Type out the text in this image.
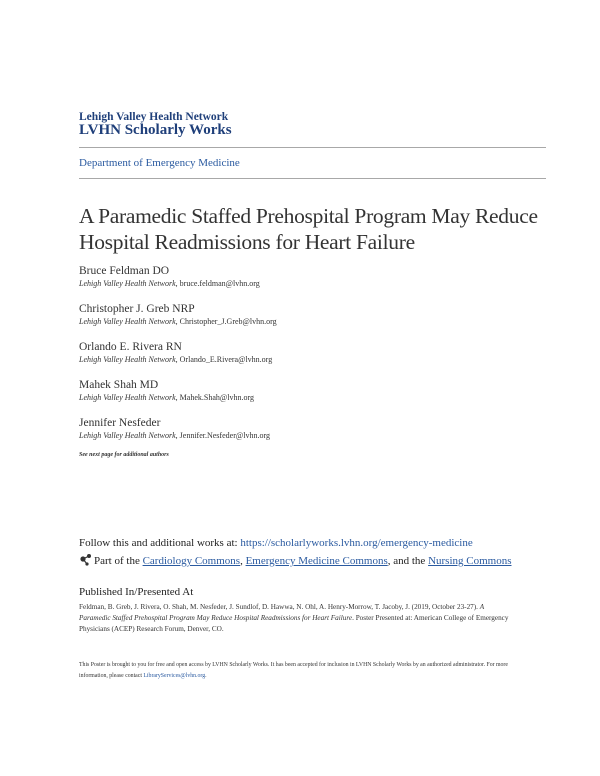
Lehigh Valley Health Network
LVHN Scholarly Works
Department of Emergency Medicine
A Paramedic Staffed Prehospital Program May Reduce Hospital Readmissions for Heart Failure
Bruce Feldman DO
Lehigh Valley Health Network, bruce.feldman@lvhn.org
Christopher J. Greb NRP
Lehigh Valley Health Network, Christopher_J.Greb@lvhn.org
Orlando E. Rivera RN
Lehigh Valley Health Network, Orlando_E.Rivera@lvhn.org
Mahek Shah MD
Lehigh Valley Health Network, Mahek.Shah@lvhn.org
Jennifer Nesfeder
Lehigh Valley Health Network, Jennifer.Nesfeder@lvhn.org
See next page for additional authors
Follow this and additional works at: https://scholarlyworks.lvhn.org/emergency-medicine
Part of the Cardiology Commons, Emergency Medicine Commons, and the Nursing Commons
Published In/Presented At
Feldman, B. Greb, J. Rivera, O. Shah, M. Nesfeder, J. Sundlof, D. Hawwa, N. Ohl, A. Henry-Morrow, T. Jacoby, J. (2019, October 23-27). A Paramedic Staffed Prehospital Program May Reduce Hospital Readmissions for Heart Failure. Poster Presented at: American College of Emergency Physicians (ACEP) Research Forum, Denver, CO.
This Poster is brought to you for free and open access by LVHN Scholarly Works. It has been accepted for inclusion in LVHN Scholarly Works by an authorized administrator. For more information, please contact LibraryServices@lvhn.org.
